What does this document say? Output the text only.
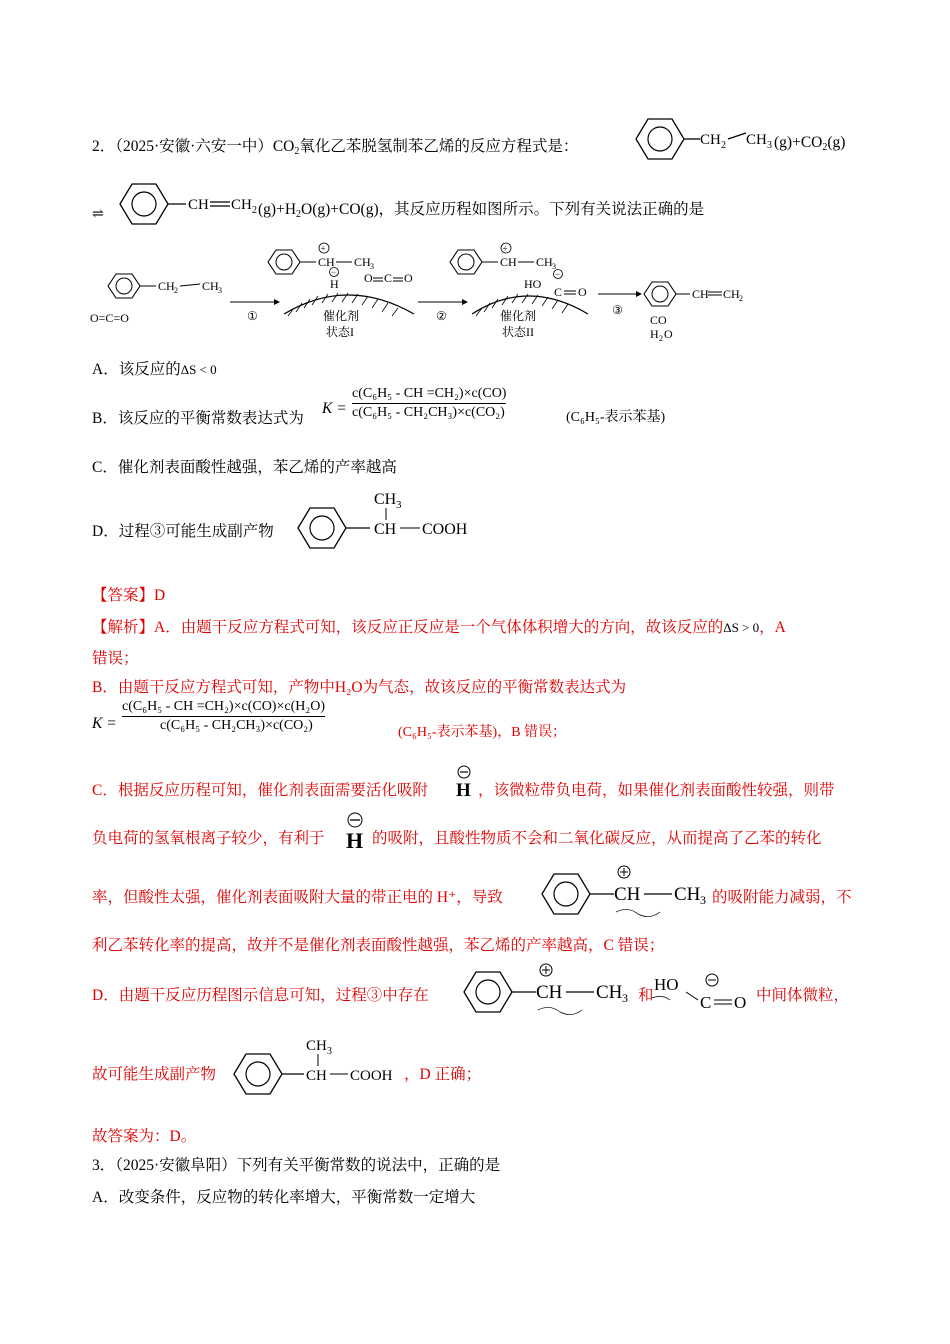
2．（2025·安徽·六安一中）$CO_2$氧化乙苯脱氢制苯乙烯的反应方程式是：	CH 2 CH 3 $(g)+CO_2(g)$
⇌
CH CH 2 $(g)+H_2O(g)+CO(g)$，其反应历程如图所示。下列有关说法正确的是
CH 2 CH 3
O=C=O	①
+
CH CH 3
−
H O C O
催化剂
状态I
②
+
CH CH 3
HO
−
C O
催化剂
状态II
③
CH CH 2
CO
H 2 O
A．该反应的ΔS < 0
B．该反应的平衡常数表达式为
K =
c(C₆H₅ - CH =CH₂)×c(CO)
c(C₆H₅ - CH₂CH₃)×c(CO₂)	(C₆H₅-表示苯基)
C．催化剂表面酸性越强，苯乙烯的产率越高
D．过程③可能生成副产物
CH 3
CH COOH
【答案】D
【解析】A．由题干反应方程式可知，该反应正反应是一个气体体积增大的方向，故该反应的ΔS > 0，A
错误；
B．由题干反应方程式可知，产物中H₂O为气态，故该反应的平衡常数表达式为
K =
c(C₆H₅ - CH =CH₂)×c(CO)×c(H₂O)
c(C₆H₅ - CH₂CH₃)×c(CO₂)	(C₆H₅-表示苯基)，B 错误；
C．根据反应历程可知，催化剂表面需要活化吸附 H ，该微粒带负电荷，如果催化剂表面酸性较强，则带
负电荷的氢氧根离子较少，有利于 H 的吸附，且酸性物质不会和二氧化碳反应，从而提高了乙苯的转化
率，但酸性太强，催化剂表面吸附大量的带正电的 H⁺，导致	CH CH 3 的吸附能力减弱，不
利乙苯转化率的提高，故并不是催化剂表面酸性越强，苯乙烯的产率越高，C 错误；
D．由题干反应历程图示信息可知，过程③中存在	CH CH 3 和
HO
C O 中间体微粒，
故可能生成副产物
CH 3
CH COOH ，D 正确；
故答案为：D。
3．（2025·安徽阜阳）下列有关平衡常数的说法中，正确的是
A．改变条件，反应物的转化率增大，平衡常数一定增大
